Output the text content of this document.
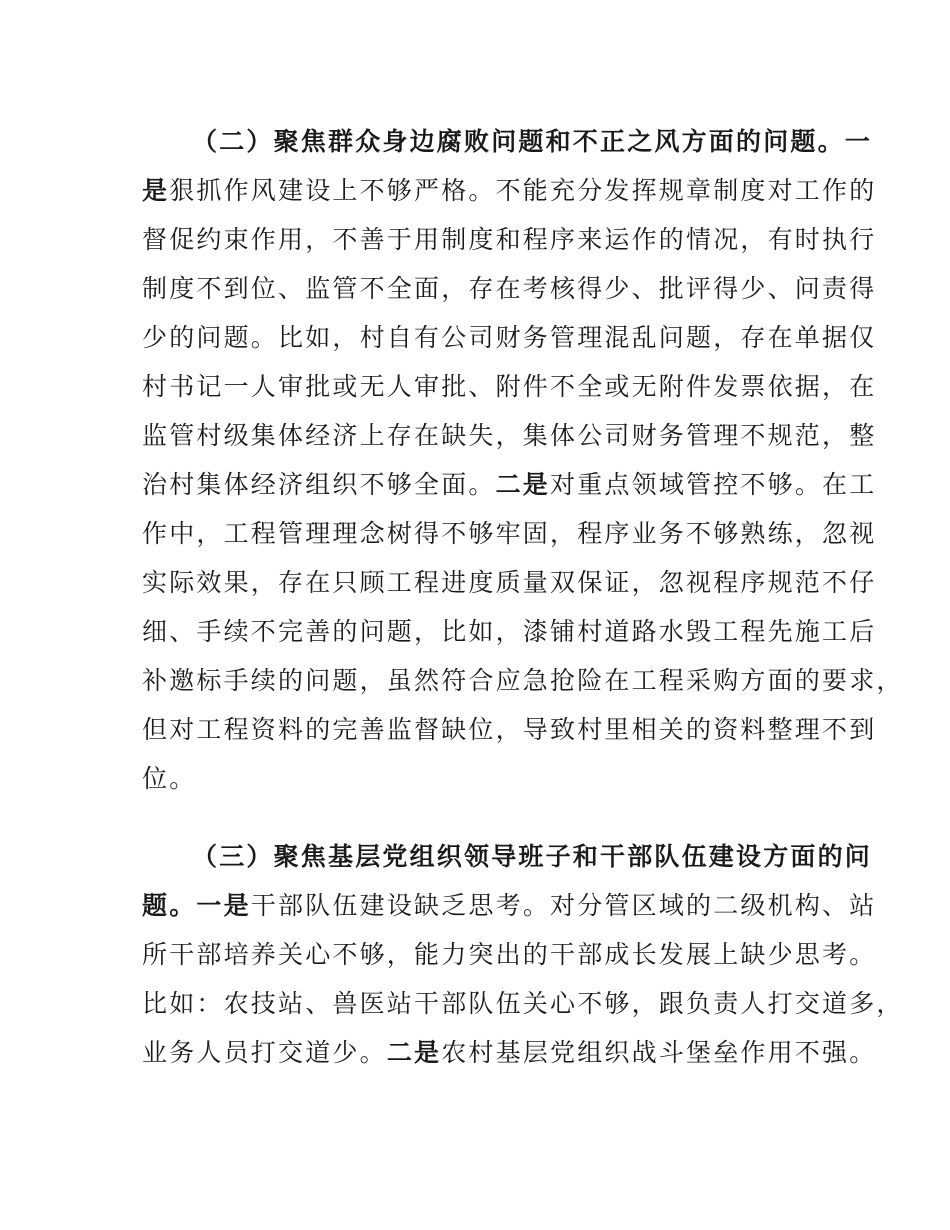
（二）聚焦群众身边腐败问题和不正之风方面的问题。一
是狠抓作风建设上不够严格。不能充分发挥规章制度对工作的
督促约束作用，不善于用制度和程序来运作的情况，有时执行
制度不到位、监管不全面，存在考核得少、批评得少、问责得
少的问题。比如，村自有公司财务管理混乱问题，存在单据仅
村书记一人审批或无人审批、附件不全或无附件发票依据，在
监管村级集体经济上存在缺失，集体公司财务管理不规范，整
治村集体经济组织不够全面。二是对重点领域管控不够。在工
作中，工程管理理念树得不够牢固，程序业务不够熟练，忽视
实际效果，存在只顾工程进度质量双保证，忽视程序规范不仔
细、手续不完善的问题，比如，漆铺村道路水毁工程先施工后
补邀标手续的问题，虽然符合应急抢险在工程采购方面的要求，
但对工程资料的完善监督缺位，导致村里相关的资料整理不到
位。
（三）聚焦基层党组织领导班子和干部队伍建设方面的问
题。一是干部队伍建设缺乏思考。对分管区域的二级机构、站
所干部培养关心不够，能力突出的干部成长发展上缺少思考。
比如：农技站、兽医站干部队伍关心不够，跟负责人打交道多，
业务人员打交道少。二是农村基层党组织战斗堡垒作用不强。
